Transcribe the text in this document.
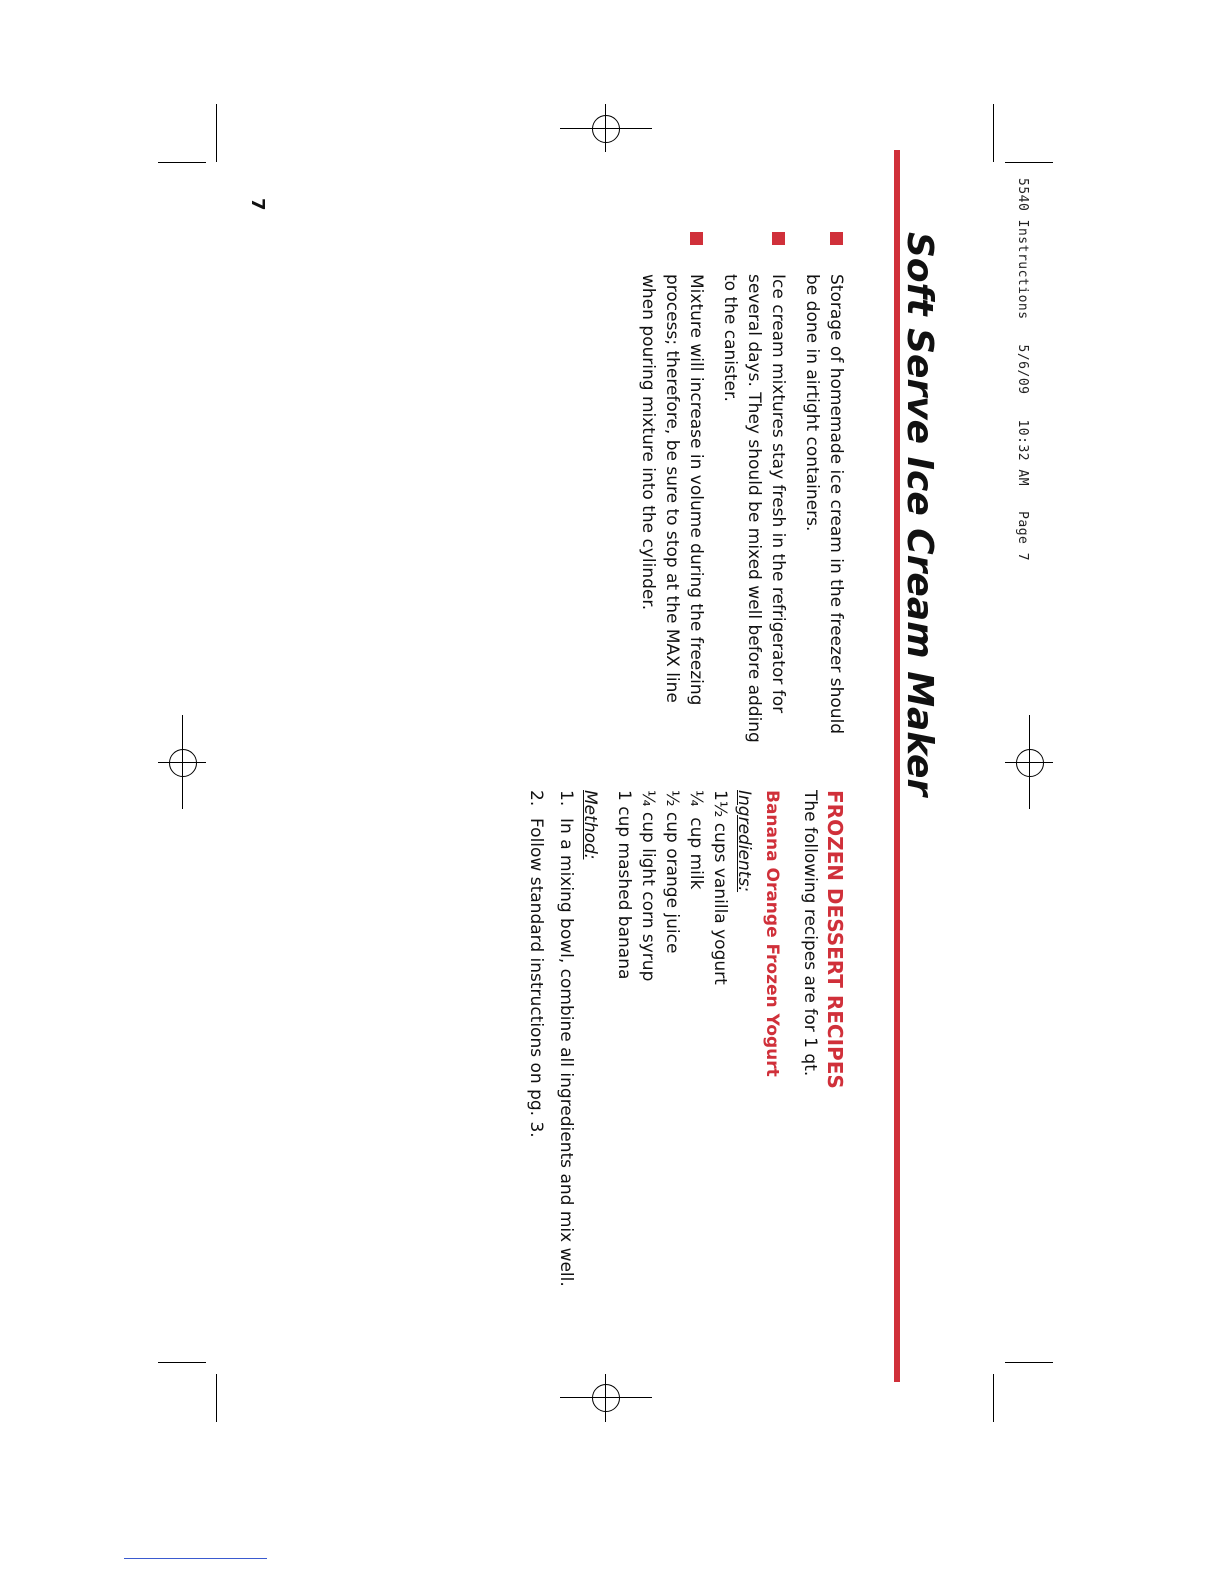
5540 Instructions   5/6/09   10:32 AM   Page 7
7
Soft Serve Ice Cream Maker
Storage of homemade ice cream in the freezer should be done in airtight containers.
Ice cream mixtures stay fresh in the refrigerator for several days. They should be mixed well before adding to the canister.
Mixture will increase in volume during the freezing process; therefore, be sure to stop at the MAX line when pouring mixture into the cylinder.
FROZEN DESSERT RECIPES
The following recipes are for 1 qt.
Banana Orange Frozen Yogurt
Ingredients:
1½ cups vanilla yogurt
¼  cup milk
½ cup orange juice
¼ cup light corn syrup
1 cup mashed banana
Method:
1.
In a mixing bowl, combine all ingredients and mix well.
2.
Follow standard instructions on pg. 3.
